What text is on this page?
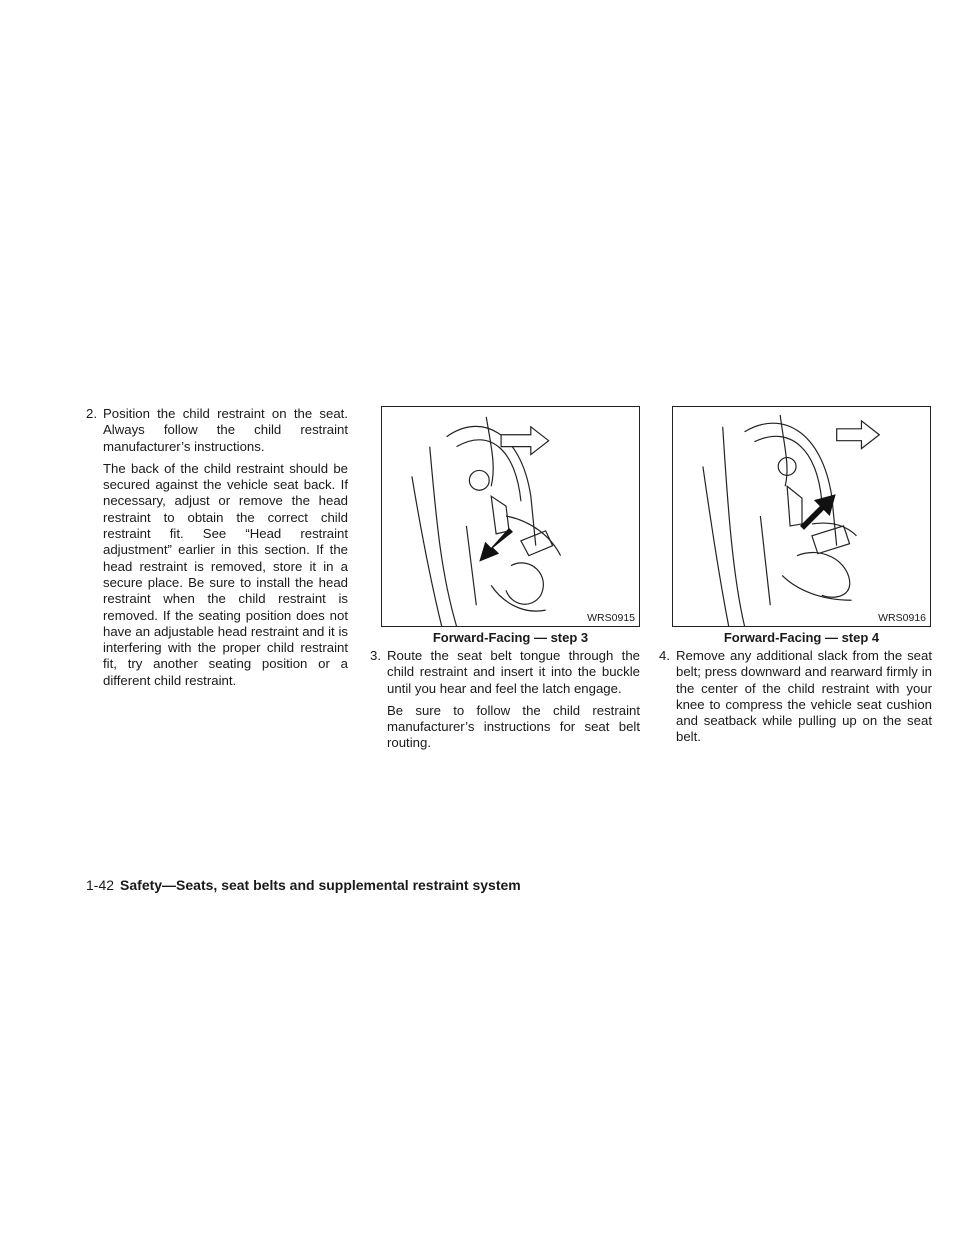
2. Position the child restraint on the seat. Always follow the child restraint manufacturer’s instructions.

The back of the child restraint should be secured against the vehicle seat back. If necessary, adjust or remove the head restraint to obtain the correct child restraint fit. See “Head restraint adjustment” earlier in this section. If the head restraint is removed, store it in a secure place. Be sure to install the head restraint when the child restraint is removed. If the seating position does not have an adjustable head restraint and it is interfering with the proper child restraint fit, try another seating position or a different child restraint.

WRS0915
Forward-Facing — step 3
WRS0916
Forward-Facing — step 4

3. Route the seat belt tongue through the child restraint and insert it into the buckle until you hear and feel the latch engage.

Be sure to follow the child restraint manufacturer’s instructions for seat belt routing.

4. Remove any additional slack from the seat belt; press downward and rearward firmly in the center of the child restraint with your knee to compress the vehicle seat cushion and seatback while pulling up on the seat belt.

1-42 Safety—Seats, seat belts and supplemental restraint system
